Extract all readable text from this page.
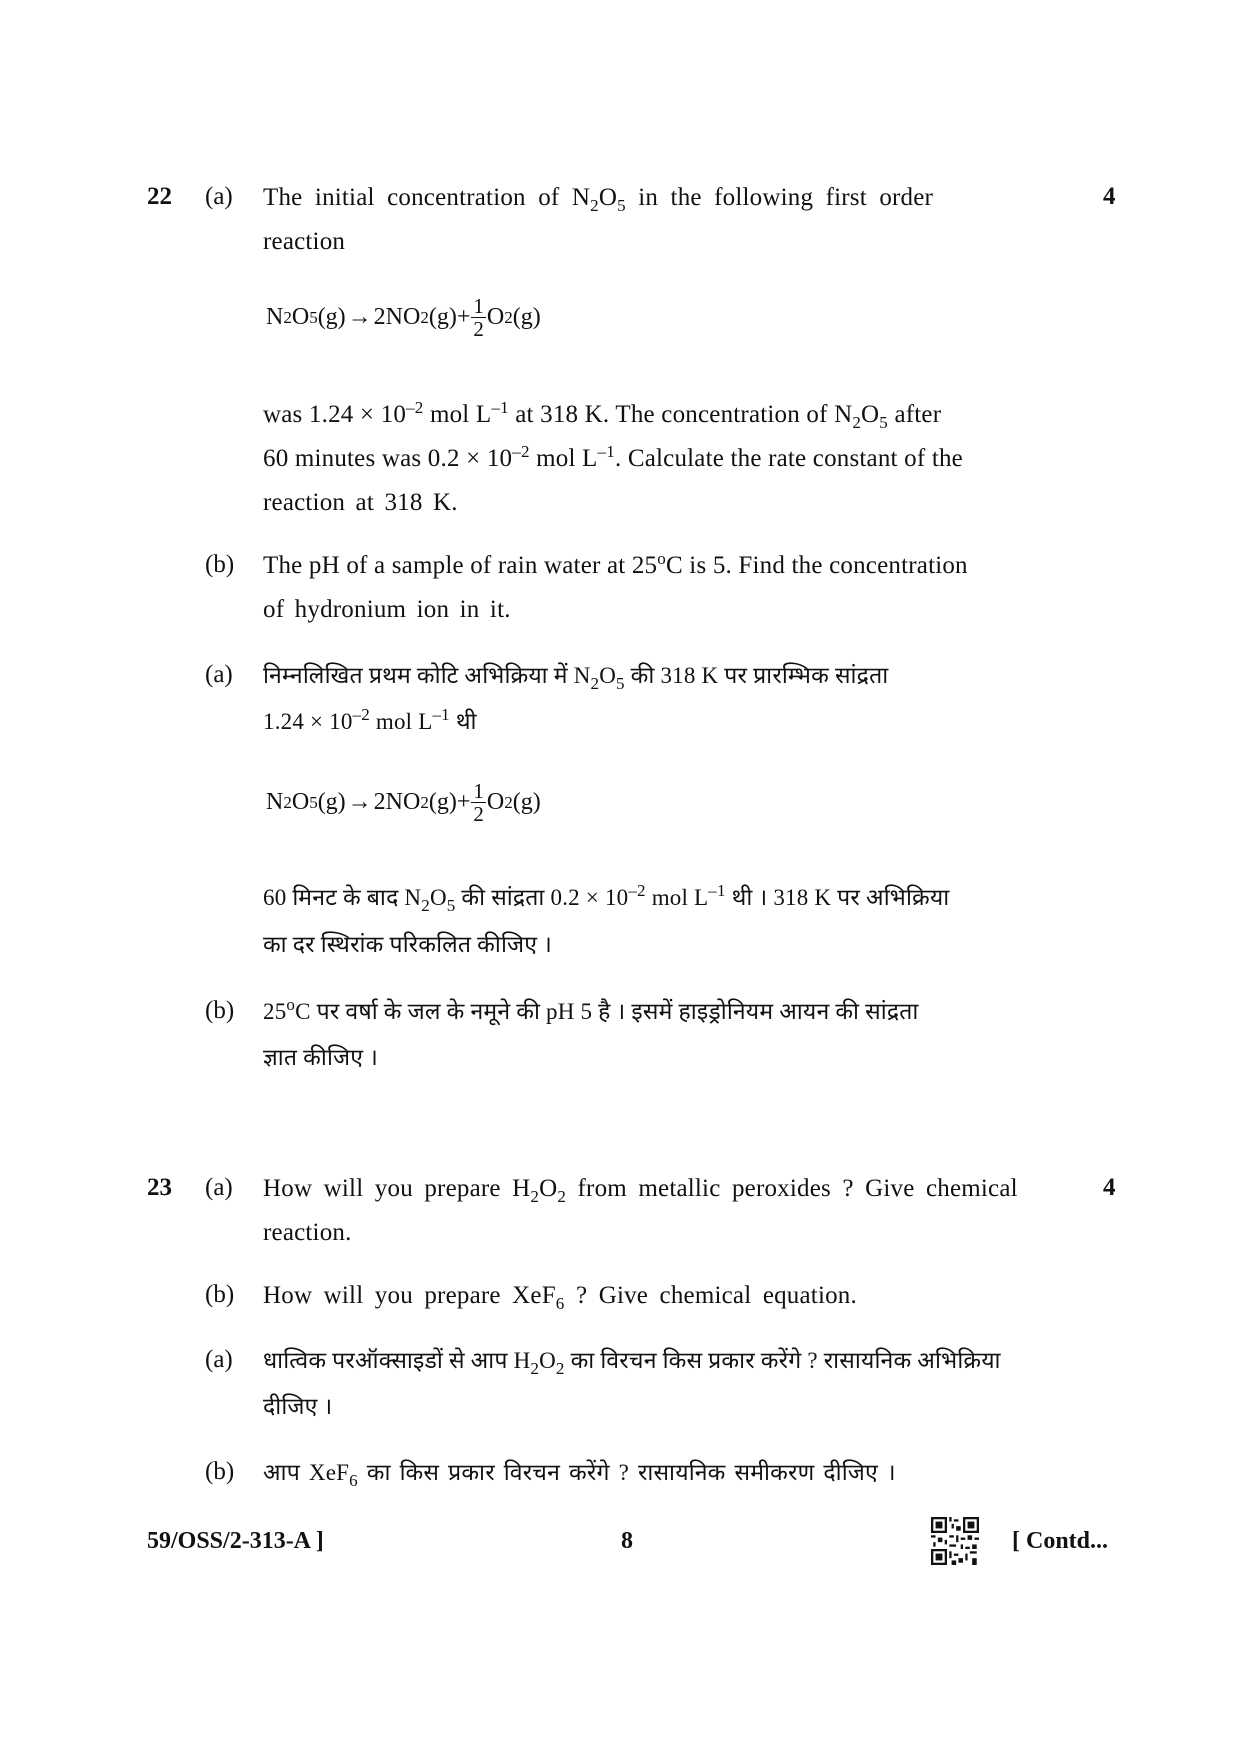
22 (a) The initial concentration of $N_2O_5$ in the following first order	4
reaction
N 2 O 5 (g) → 2NO 2 $(g) + \frac{1}{2}$ O 2 (g)
was $1.24 \times 10^{-2}$ mol $L^{-1}$ at 318 K. The concentration of $N_2O_5$ after
60 minutes was $0.2 \times 10^{-2}$ mol $L^{-1}$. Calculate the rate constant of the
reaction at 318 K.
(b) The pH of a sample of rain water at 25$^o$C is 5. Find the concentration
of hydronium ion in it.
(a) निम्नलिखित प्रथम कोटि अभिक्रिया में $N_2O_5$ की 318 K पर प्रारम्भिक सांद्रता
$1.24 \times 10^{-2}$ mol $L^{-1}$ थी
N 2 O 5 (g) → 2NO 2 $(g) + \frac{1}{2}$ O 2 (g)
60 मिनट के बाद $N_2O_5$ की सांद्रता $0.2 \times 10^{-2}$ mol $L^{-1}$ थी । 318 K पर अभिक्रिया
का दर स्थिरांक परिकलित कीजिए ।
(b) 25$^o$C पर वर्षा के जल के नमूने की pH 5 है । इसमें हाइड्रोनियम आयन की सांद्रता
ज्ञात कीजिए ।
23 (a) How will you prepare $H_2O_2$ from metallic peroxides ? Give chemical	4
reaction.
(b) How will you prepare XeF$_6$ ? Give chemical equation.
(a) धात्विक परऑक्साइडों से आप $H_2O_2$ का विरचन किस प्रकार करेंगे ? रासायनिक अभिक्रिया
दीजिए ।
(b) आप XeF$_6$ का किस प्रकार विरचन करेंगे ? रासायनिक समीकरण दीजिए ।
59/OSS/2-313-A ]	8	[ Contd...
